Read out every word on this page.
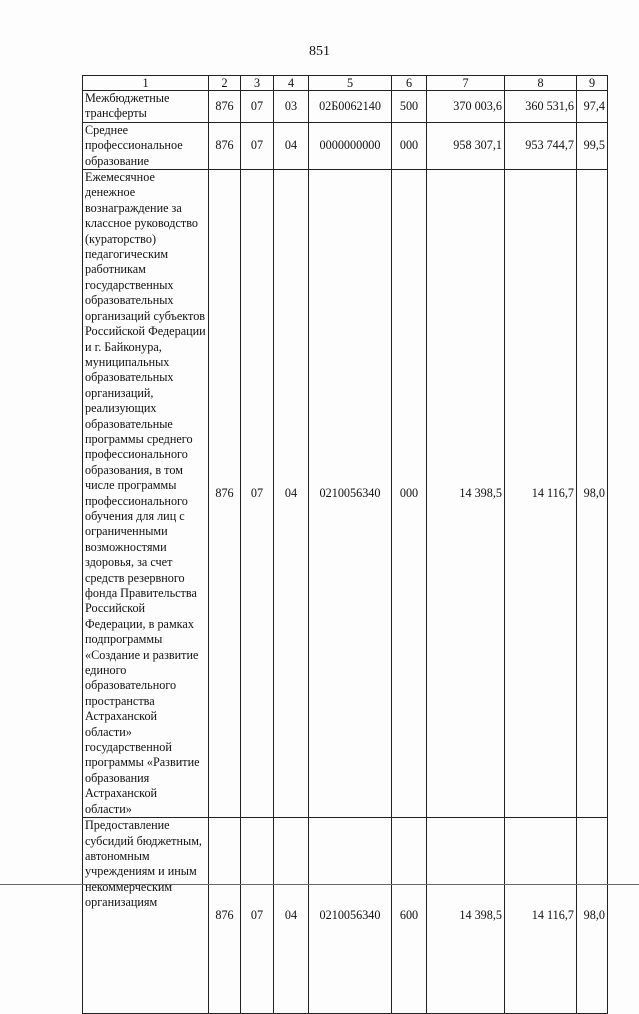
851
1	2	3	4	5	6	7	8	9
Межбюджетные трансферты	876	07	03	02Б0062140	500	370 003,6	360 531,6	97,4
Среднее профессиональное образование	876	07	04	0000000000	000	958 307,1	953 744,7	99,5
Ежемесячное денежное вознаграждение за классное руководство (кураторство) педагогическим работникам государственных образовательных организаций субъектов Российской Федерации и г. Байконура, муниципальных образовательных организаций, реализующих образовательные программы среднего профессионального образования, в том числе программы профессионального обучения для лиц с ограниченными возможностями здоровья, за счет средств резервного фонда Правительства Российской Федерации, в рамках подпрограммы «Создание и развитие единого образовательного пространства Астраханской области» государственной программы «Развитие образования Астраханской области»	876	07	04	0210056340	000	14 398,5	14 116,7	98,0
Предоставление субсидий бюджетным, автономным учреждениям и иным некоммерческим организациям	876	07	04	0210056340	600	14 398,5	14 116,7	98,0
